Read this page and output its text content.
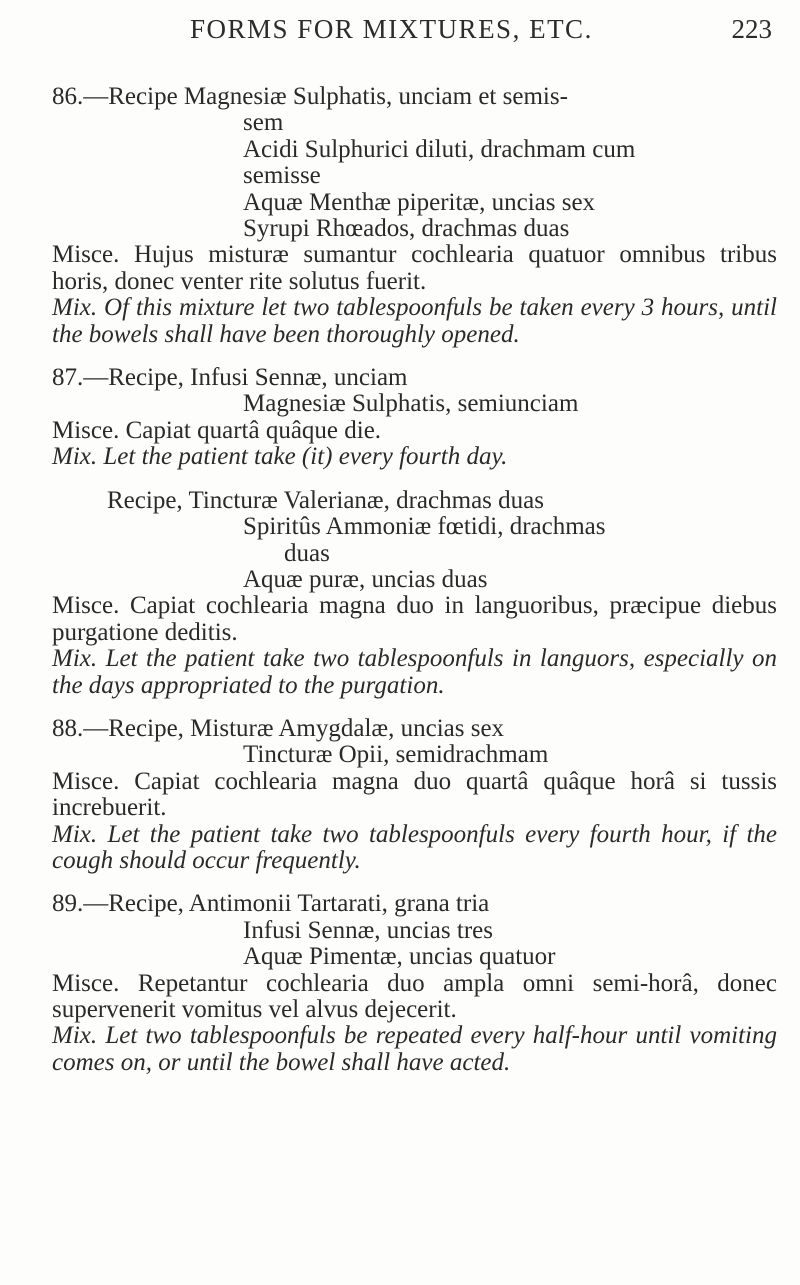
FORMS FOR MIXTURES, ETC.	223
86.—Recipe Magnesiæ Sulphatis, unciam et semis-
sem
Acidi Sulphurici diluti, drachmam cum
semisse
Aquæ Menthæ piperitæ, uncias sex
Syrupi Rhœados, drachmas duas
Misce. Hujus misturæ sumantur cochlearia quatuor omnibus tribus horis, donec venter rite solutus fuerit.
Mix. Of this mixture let two tablespoonfuls be taken every 3 hours, until the bowels shall have been thoroughly opened.
87.—Recipe, Infusi Sennæ, unciam
Magnesiæ Sulphatis, semiunciam
Misce. Capiat quartâ quâque die.
Mix. Let the patient take (it) every fourth day.
Recipe, Tincturæ Valerianæ, drachmas duas
Spiritûs Ammoniæ fœtidi, drachmas
duas
Aquæ puræ, uncias duas
Misce. Capiat cochlearia magna duo in languoribus, præcipue diebus purgatione deditis.
Mix. Let the patient take two tablespoonfuls in languors, especially on the days appropriated to the purgation.
88.—Recipe, Misturæ Amygdalæ, uncias sex
Tincturæ Opii, semidrachmam
Misce. Capiat cochlearia magna duo quartâ quâque horâ si tussis increbuerit.
Mix. Let the patient take two tablespoonfuls every fourth hour, if the cough should occur frequently.
89.—Recipe, Antimonii Tartarati, grana tria
Infusi Sennæ, uncias tres
Aquæ Pimentæ, uncias quatuor
Misce. Repetantur cochlearia duo ampla omni semi-horâ, donec supervenerit vomitus vel alvus dejecerit.
Mix. Let two tablespoonfuls be repeated every half-hour until vomiting comes on, or until the bowel shall have acted.
